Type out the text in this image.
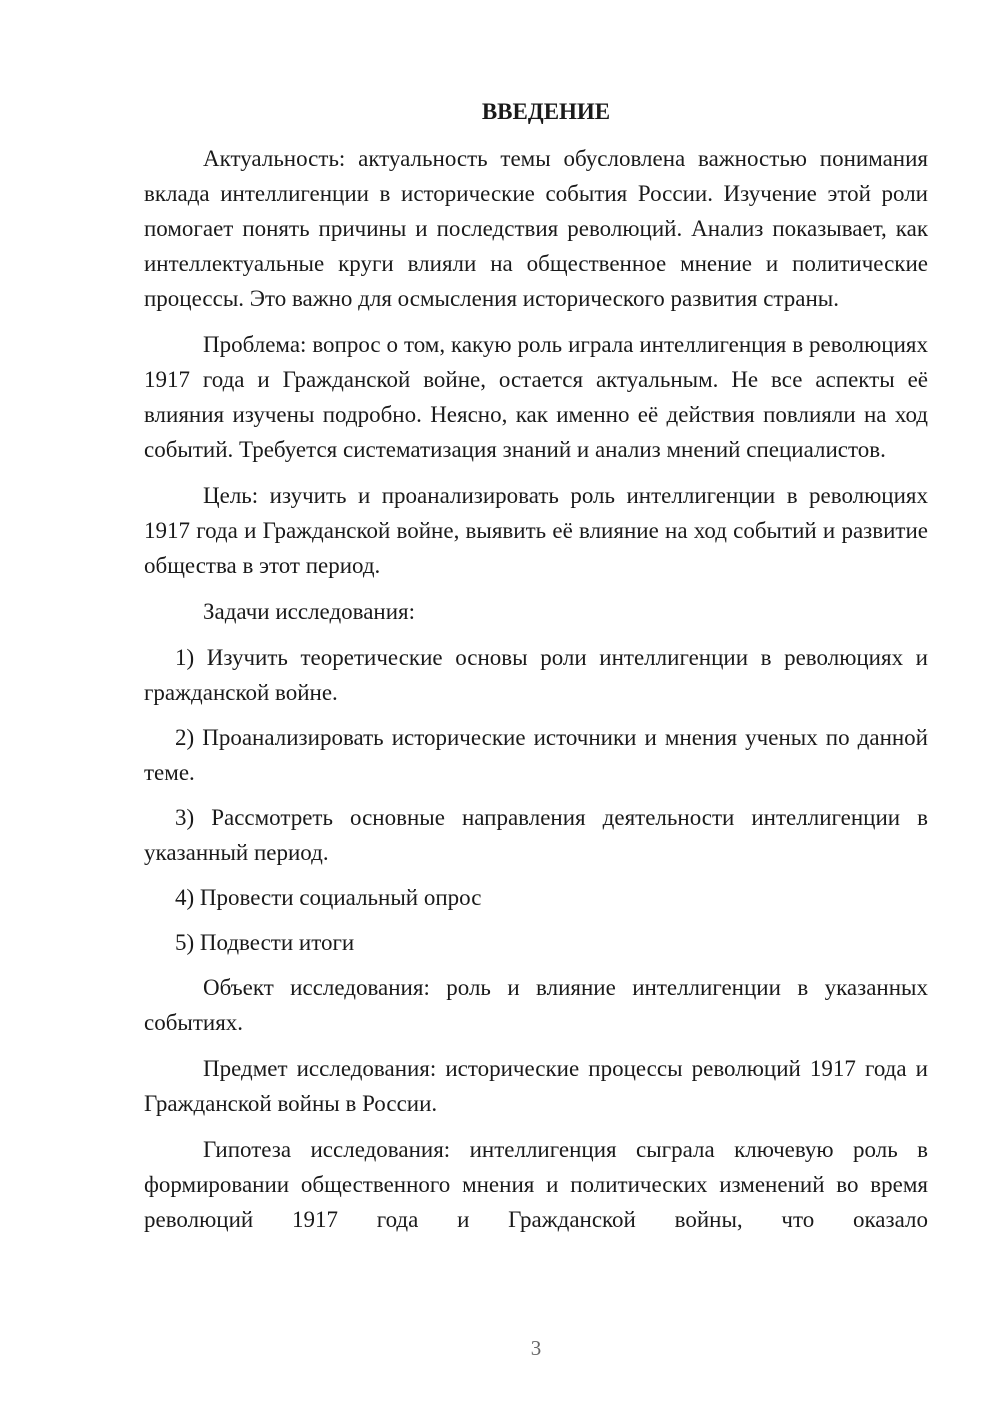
ВВЕДЕНИЕ

Актуальность: актуальность темы обусловлена важностью понимания вклада интеллигенции в исторические события России. Изучение этой роли помогает понять причины и последствия революций. Анализ показывает, как интеллектуальные круги влияли на общественное мнение и политические процессы. Это важно для осмысления исторического развития страны.

Проблема: вопрос о том, какую роль играла интеллигенция в революциях 1917 года и Гражданской войне, остается актуальным. Не все аспекты её влияния изучены подробно. Неясно, как именно её действия повлияли на ход событий. Требуется систематизация знаний и анализ мнений специалистов.

Цель: изучить и проанализировать роль интеллигенции в революциях 1917 года и Гражданской войне, выявить её влияние на ход событий и развитие общества в этот период.

Задачи исследования:

1) Изучить теоретические основы роли интеллигенции в революциях и гражданской войне.

2) Проанализировать исторические источники и мнения ученых по данной теме.

3) Рассмотреть основные направления деятельности интеллигенции в указанный период.

4) Провести социальный опрос

5) Подвести итоги

Объект исследования: роль и влияние интеллигенции в указанных событиях.

Предмет исследования: исторические процессы революций 1917 года и Гражданской войны в России.

Гипотеза исследования: интеллигенция сыграла ключевую роль в формировании общественного мнения и политических изменений во время революций 1917 года и Гражданской войны, что оказало

3
